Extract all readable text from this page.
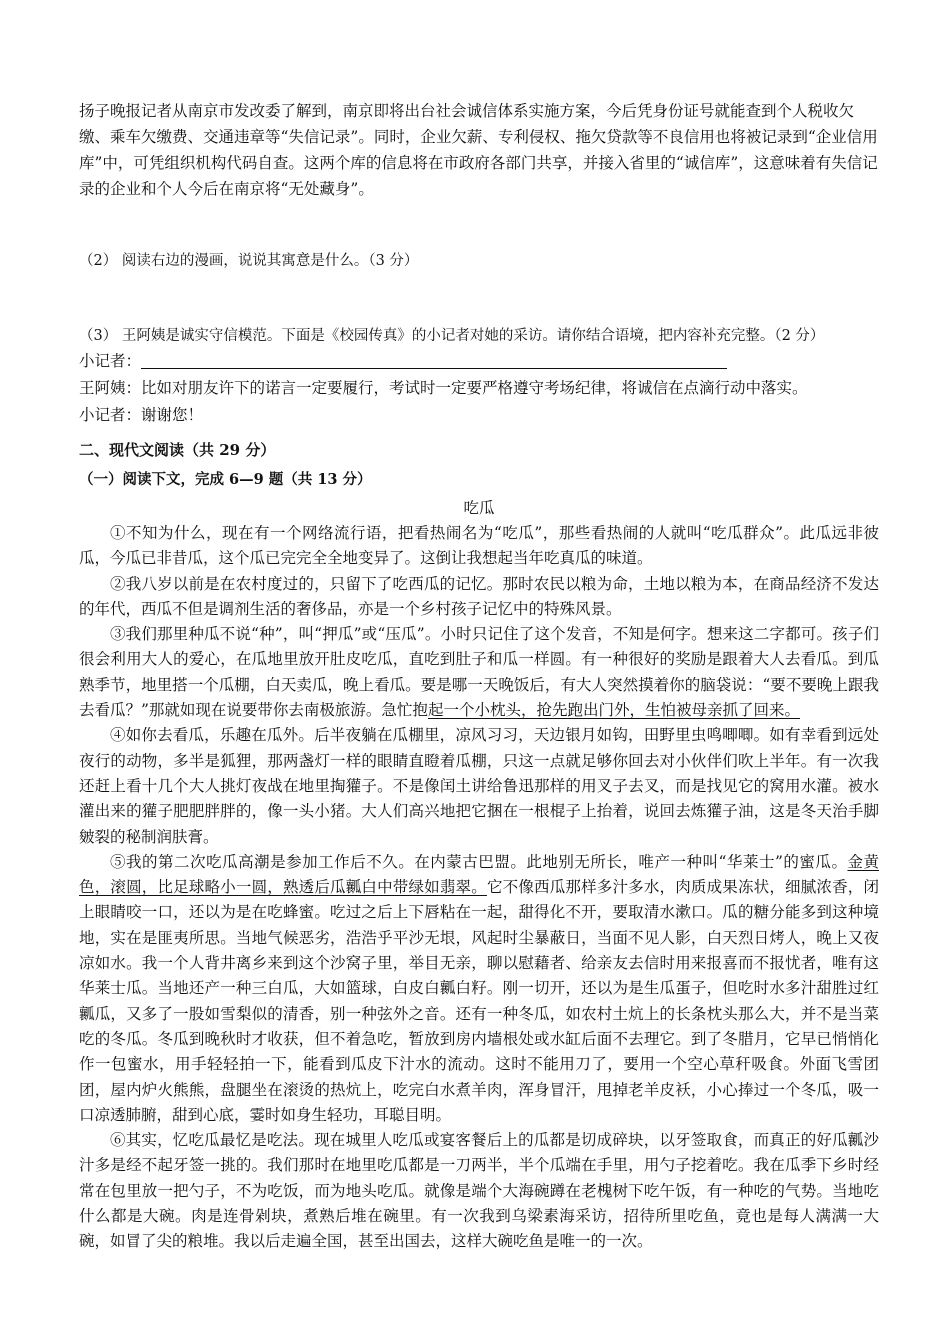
扬子晚报记者从南京市发改委了解到，南京即将出台社会诚信体系实施方案，今后凭身份证号就能查到个人税收欠缴、乘车欠缴费、交通违章等“失信记录”。同时，企业欠薪、专利侵权、拖欠贷款等不良信用也将被记录到“企业信用库”中，可凭组织机构代码自查。这两个库的信息将在市政府各部门共享，并接入省里的“诚信库”，这意味着有失信记录的企业和个人今后在南京将“无处藏身”。

（2） 阅读右边的漫画，说说其寓意是什么。（3 分）

（3） 王阿姨是诚实守信模范。下面是《校园传真》的小记者对她的采访。请你结合语境，把内容补充完整。（2 分）

小记者：

王阿姨：比如对朋友许下的诺言一定要履行，考试时一定要严格遵守考场纪律，将诚信在点滴行动中落实。

小记者：谢谢您！

二、现代文阅读（共 29 分）

（一）阅读下文，完成 6—9 题（共 13 分）

吃瓜

①不知为什么，现在有一个网络流行语，把看热闹名为“吃瓜”，那些看热闹的人就叫“吃瓜群众”。此瓜远非彼瓜，今瓜已非昔瓜，这个瓜已完完全全地变异了。这倒让我想起当年吃真瓜的味道。

②我八岁以前是在农村度过的，只留下了吃西瓜的记忆。那时农民以粮为命，土地以粮为本，在商品经济不发达的年代，西瓜不但是调剂生活的奢侈品，亦是一个乡村孩子记忆中的特殊风景。

③我们那里种瓜不说“种”，叫“押瓜”或“压瓜”。小时只记住了这个发音，不知是何字。想来这二字都可。孩子们很会利用大人的爱心，在瓜地里放开肚皮吃瓜，直吃到肚子和瓜一样圆。有一种很好的奖励是跟着大人去看瓜。到瓜熟季节，地里搭一个瓜棚，白天卖瓜，晚上看瓜。要是哪一天晚饭后，有大人突然摸着你的脑袋说：“要不要晚上跟我去看瓜？”那就如现在说要带你去南极旅游。急忙抱起一个小枕头，抢先跑出门外，生怕被母亲抓了回来。

④如你去看瓜，乐趣在瓜外。后半夜躺在瓜棚里，凉风习习，天边银月如钩，田野里虫鸣唧唧。如有幸看到远处夜行的动物，多半是狐狸，那两盏灯一样的眼睛直瞪着瓜棚，只这一点就足够你回去对小伙伴们吹上半年。有一次我还赶上看十几个大人挑灯夜战在地里掏獾子。不是像闰土讲给鲁迅那样的用叉子去叉，而是找见它的窝用水灌。被水灌出来的獾子肥肥胖胖的，像一头小猪。大人们高兴地把它捆在一根棍子上抬着，说回去炼獾子油，这是冬天治手脚皴裂的秘制润肤膏。

⑤我的第二次吃瓜高潮是参加工作后不久。在内蒙古巴盟。此地别无所长，唯产一种叫“华莱士”的蜜瓜。金黄色，滚圆，比足球略小一圆，熟透后瓜瓤白中带绿如翡翠。它不像西瓜那样多汁多水，肉质成果冻状，细腻浓香，闭上眼睛咬一口，还以为是在吃蜂蜜。吃过之后上下唇粘在一起，甜得化不开，要取清水漱口。瓜的糖分能多到这种境地，实在是匪夷所思。当地气候恶劣，浩浩乎平沙无垠，风起时尘暴蔽日，当面不见人影，白天烈日烤人，晚上又夜凉如水。我一个人背井离乡来到这个沙窝子里，举目无亲，聊以慰藉者、给亲友去信时用来报喜而不报忧者，唯有这华莱士瓜。当地还产一种三白瓜，大如篮球，白皮白瓤白籽。刚一切开，还以为是生瓜蛋子，但吃时水多汁甜胜过红瓤瓜，又多了一股如雪梨似的清香，别一种弦外之音。还有一种冬瓜，如农村土炕上的长条枕头那么大，并不是当菜吃的冬瓜。冬瓜到晚秋时才收获，但不着急吃，暂放到房内墙根处或水缸后面不去理它。到了冬腊月，它早已悄悄化作一包蜜水，用手轻轻拍一下，能看到瓜皮下汁水的流动。这时不能用刀了，要用一个空心草秆吸食。外面飞雪团团，屋内炉火熊熊，盘腿坐在滚烫的热炕上，吃完白水煮羊肉，浑身冒汗，甩掉老羊皮袄，小心捧过一个冬瓜，吸一口凉透肺腑，甜到心底，霎时如身生轻功，耳聪目明。

⑥其实，忆吃瓜最忆是吃法。现在城里人吃瓜或宴客餐后上的瓜都是切成碎块，以牙签取食，而真正的好瓜瓤沙汁多是经不起牙签一挑的。我们那时在地里吃瓜都是一刀两半，半个瓜端在手里，用勺子挖着吃。我在瓜季下乡时经常在包里放一把勺子，不为吃饭，而为地头吃瓜。就像是端个大海碗蹲在老槐树下吃午饭，有一种吃的气势。当地吃什么都是大碗。肉是连骨剁块，煮熟后堆在碗里。有一次我到乌梁素海采访，招待所里吃鱼，竟也是每人满满一大碗，如冒了尖的粮堆。我以后走遍全国，甚至出国去，这样大碗吃鱼是唯一的一次。
